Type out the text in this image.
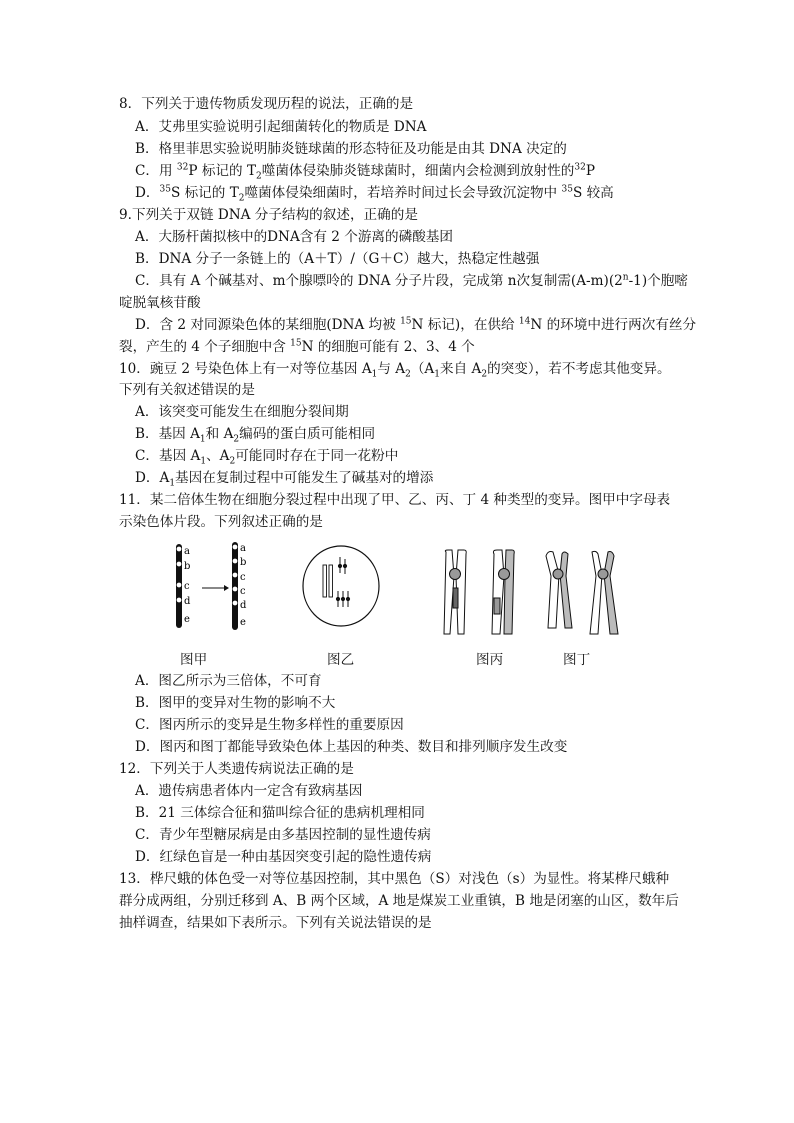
8．下列关于遗传物质发现历程的说法，正确的是
A．艾弗里实验说明引起细菌转化的物质是 DNA
B．格里菲思实验说明肺炎链球菌的形态特征及功能是由其 DNA 决定的
C．用 $^{32}$P 标记的 $T_2$噬菌体侵染肺炎链球菌时，细菌内会检测到放射性的$^{32}$P
D．$^{35}$S 标记的 $T_2$噬菌体侵染细菌时，若培养时间过长会导致沉淀物中 $^{35}$S 较高
9.下列关于双链 DNA 分子结构的叙述，正确的是
A．大肠杆菌拟核中的DNA含有 2 个游离的磷酸基团
B．DNA 分子一条链上的（A＋T）/（G＋C）越大，热稳定性越强
C．具有 A 个碱基对、m个腺嘌呤的 DNA 分子片段，完成第 n次复制需(A-m)(2$^n$-1)个胞嘧
啶脱氧核苷酸
D．含 2 对同源染色体的某细胞(DNA 均被 $^{15}$N 标记)，在供给 $^{14}$N 的环境中进行两次有丝分
裂，产生的 4 个子细胞中含 $^{15}$N 的细胞可能有 2、3、4 个
10．豌豆 2 号染色体上有一对等位基因 $A_1$与 $A_2(A_1$来自 $A_2$的突变），若不考虑其他变异。
下列有关叙述错误的是
A．该突变可能发生在细胞分裂间期
B．基因 $A_1$和 $A_2$编码的蛋白质可能相同
C．基因 $A_1$、$A_2$可能同时存在于同一花粉中
D．$A_1$基因在复制过程中可能发生了碱基对的增添
11．某二倍体生物在细胞分裂过程中出现了甲、乙、丙、丁 4 种类型的变异。图甲中字母表
示染色体片段。下列叙述正确的是
a
b
c
d
e
a
b
c
c
d
e
图甲	图乙	图丙	图丁
A．图乙所示为三倍体，不可育
B．图甲的变异对生物的影响不大
C．图丙所示的变异是生物多样性的重要原因
D．图丙和图丁都能导致染色体上基因的种类、数目和排列顺序发生改变
12．下列关于人类遗传病说法正确的是
A．遗传病患者体内一定含有致病基因
B．21 三体综合征和猫叫综合征的患病机理相同
C．青少年型糖尿病是由多基因控制的显性遗传病
D．红绿色盲是一种由基因突变引起的隐性遗传病
13．桦尺蛾的体色受一对等位基因控制，其中黑色（S）对浅色（s）为显性。将某桦尺蛾种
群分成两组，分别迁移到 A、B 两个区域，A 地是煤炭工业重镇，B 地是闭塞的山区，数年后
抽样调查，结果如下表所示。下列有关说法错误的是
